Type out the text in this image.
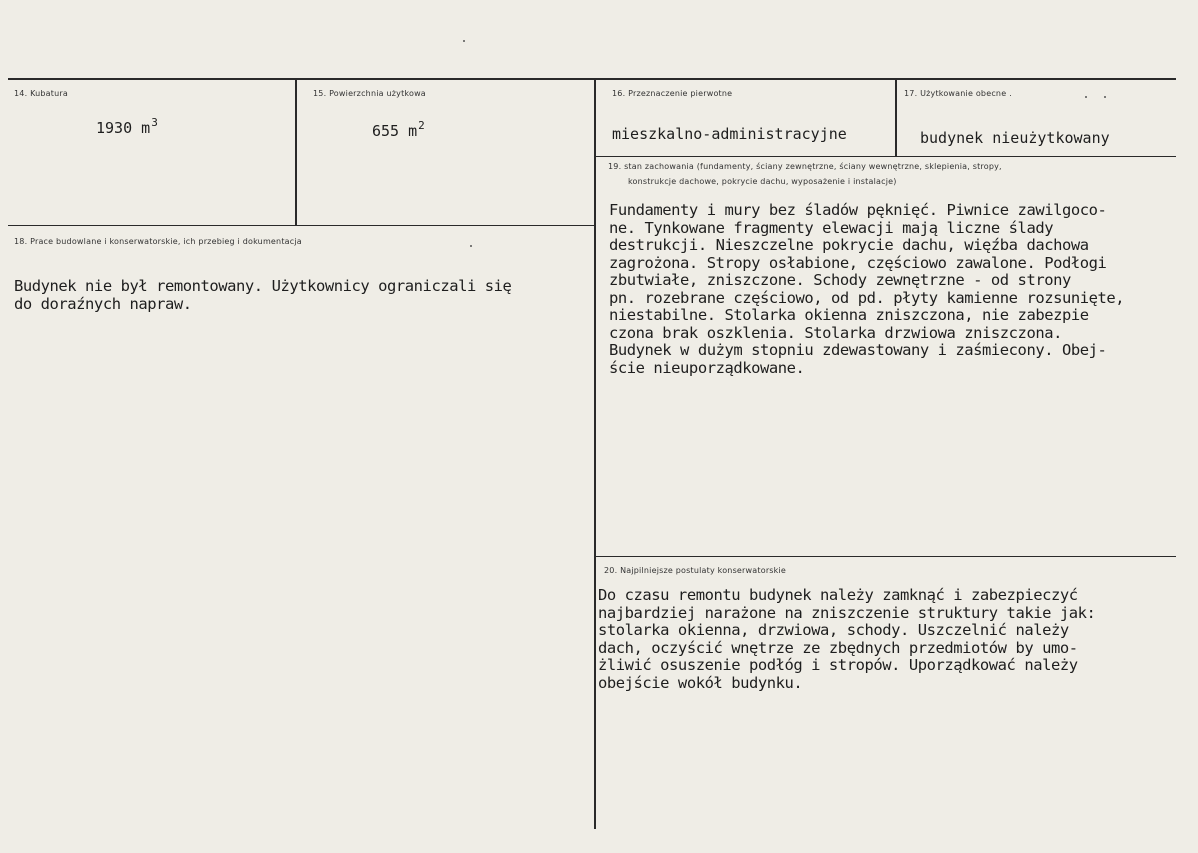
14. Kubatura
1930 $m^3$
15. Powierzchnia użytkowa
655 $m^2$
16. Przeznaczenie pierwotne
mieszkalno-administracyjne
17. Użytkowanie obecne .
budynek nieużytkowany
18. Prace budowlane i konserwatorskie, ich przebieg i dokumentacja

Budynek nie był remontowany. Użytkownicy ograniczali się
do doraźnych napraw.

19. stan zachowania (fundamenty, ściany zewnętrzne, ściany wewnętrzne, sklepienia, stropy,
konstrukcje dachowe, pokrycie dachu, wyposażenie i instalacje)

Fundamenty i mury bez śladów pęknięć. Piwnice zawilgoco-
ne. Tynkowane fragmenty elewacji mają liczne ślady
destrukcji. Nieszczelne pokrycie dachu, więźba dachowa
zagrożona. Stropy osłabione, częściowo zawalone. Podłogi
zbutwiałe, zniszczone. Schody zewnętrzne - od strony
pn. rozebrane częściowo, od pd. płyty kamienne rozsunięte,
niestabilne. Stolarka okienna zniszczona, nie zabezpie
czona brak oszklenia. Stolarka drzwiowa zniszczona.
Budynek w dużym stopniu zdewastowany i zaśmiecony. Obej-
ście nieuporządkowane.

20. Najpilniejsze postulaty konserwatorskie

Do czasu remontu budynek należy zamknąć i zabezpieczyć
najbardziej narażone na zniszczenie struktury takie jak:
stolarka okienna, drzwiowa, schody. Uszczelnić należy
dach, oczyścić wnętrze ze zbędnych przedmiotów by umo-
żliwić osuszenie podłóg i stropów. Uporządkować należy
obejście wokół budynku.
